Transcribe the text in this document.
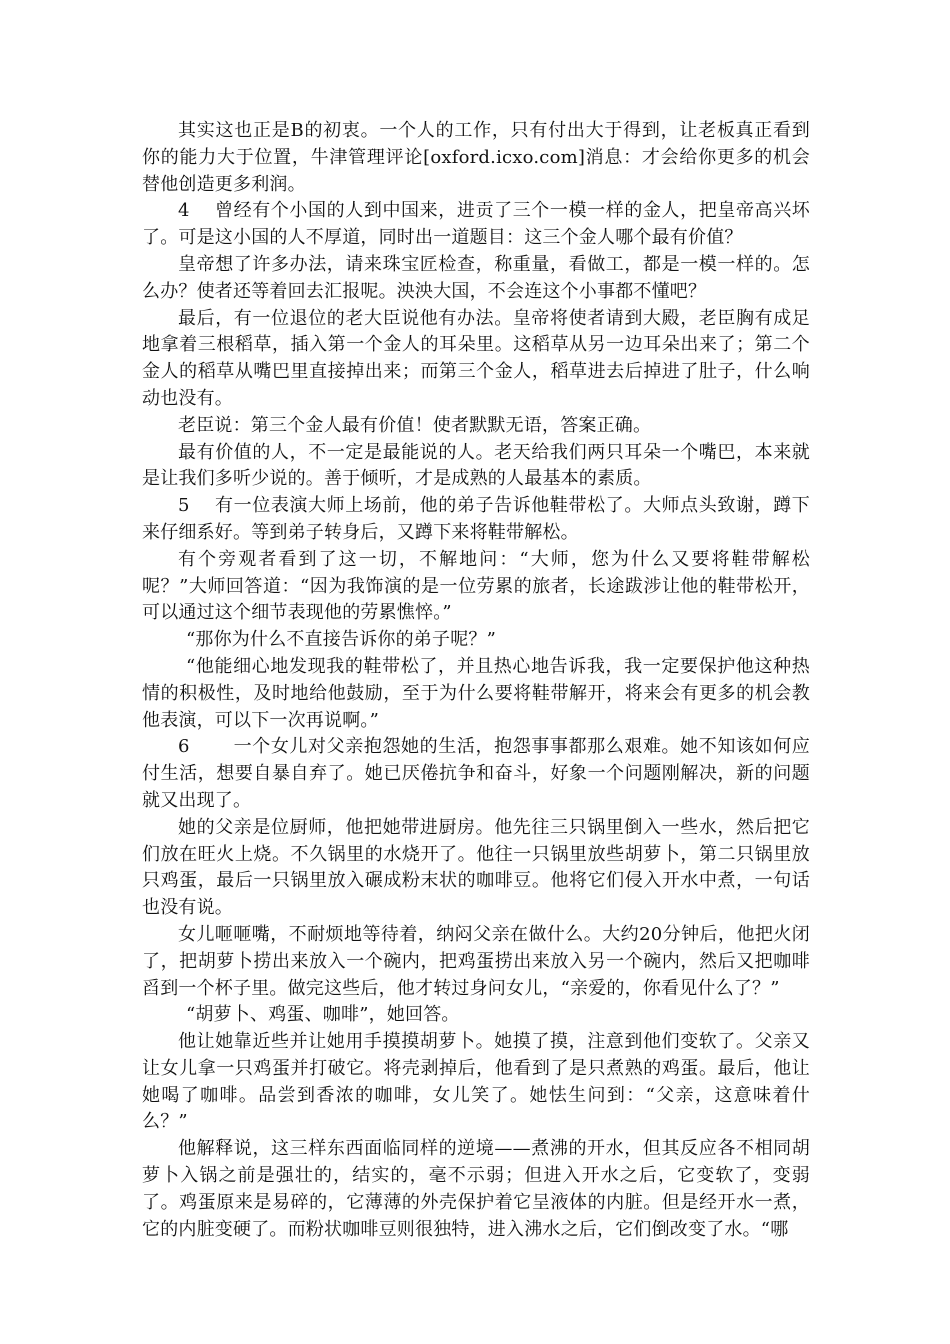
其实这也正是B的初衷。一个人的工作，只有付出大于得到，让老板真正看到你的能力大于位置，牛津管理评论[oxford.icxo.com]消息：才会给你更多的机会替他创造更多利润。

4　 曾经有个小国的人到中国来，进贡了三个一模一样的金人，把皇帝高兴坏了。可是这小国的人不厚道，同时出一道题目：这三个金人哪个最有价值？

皇帝想了许多办法，请来珠宝匠检查，称重量，看做工，都是一模一样的。怎么办？使者还等着回去汇报呢。泱泱大国，不会连这个小事都不懂吧？

最后，有一位退位的老大臣说他有办法。皇帝将使者请到大殿，老臣胸有成足地拿着三根稻草，插入第一个金人的耳朵里。这稻草从另一边耳朵出来了；第二个金人的稻草从嘴巴里直接掉出来；而第三个金人，稻草进去后掉进了肚子，什么响动也没有。

老臣说：第三个金人最有价值！使者默默无语，答案正确。

最有价值的人，不一定是最能说的人。老天给我们两只耳朵一个嘴巴，本来就是让我们多听少说的。善于倾听，才是成熟的人最基本的素质。

5　 有一位表演大师上场前，他的弟子告诉他鞋带松了。大师点头致谢，蹲下来仔细系好。等到弟子转身后，又蹲下来将鞋带解松。

有个旁观者看到了这一切，不解地问：“大师，您为什么又要将鞋带解松呢？”大师回答道：“因为我饰演的是一位劳累的旅者，长途跋涉让他的鞋带松开，可以通过这个细节表现他的劳累憔悴。”

“那你为什么不直接告诉你的弟子呢？”

“他能细心地发现我的鞋带松了，并且热心地告诉我，我一定要保护他这种热情的积极性，及时地给他鼓励，至于为什么要将鞋带解开，将来会有更多的机会教他表演，可以下一次再说啊。”

6　　 一个女儿对父亲抱怨她的生活，抱怨事事都那么艰难。她不知该如何应付生活，想要自暴自弃了。她已厌倦抗争和奋斗，好象一个问题刚解决，新的问题就又出现了。

她的父亲是位厨师，他把她带进厨房。他先往三只锅里倒入一些水，然后把它们放在旺火上烧。不久锅里的水烧开了。他往一只锅里放些胡萝卜，第二只锅里放只鸡蛋，最后一只锅里放入碾成粉末状的咖啡豆。他将它们侵入开水中煮，一句话也没有说。

女儿咂咂嘴，不耐烦地等待着，纳闷父亲在做什么。大约20分钟后，他把火闭了，把胡萝卜捞出来放入一个碗内，把鸡蛋捞出来放入另一个碗内，然后又把咖啡舀到一个杯子里。做完这些后，他才转过身问女儿，“亲爱的，你看见什么了？”

“胡萝卜、鸡蛋、咖啡”，她回答。

他让她靠近些并让她用手摸摸胡萝卜。她摸了摸，注意到他们变软了。父亲又让女儿拿一只鸡蛋并打破它。将壳剥掉后，他看到了是只煮熟的鸡蛋。最后，他让她喝了咖啡。品尝到香浓的咖啡，女儿笑了。她怯生问到：“父亲，这意味着什么？”

他解释说，这三样东西面临同样的逆境——煮沸的开水，但其反应各不相同胡萝卜入锅之前是强壮的，结实的，毫不示弱；但进入开水之后，它变软了，变弱了。鸡蛋原来是易碎的，它薄薄的外壳保护着它呈液体的内脏。但是经开水一煮，它的内脏变硬了。而粉状咖啡豆则很独特，进入沸水之后，它们倒改变了水。“哪
